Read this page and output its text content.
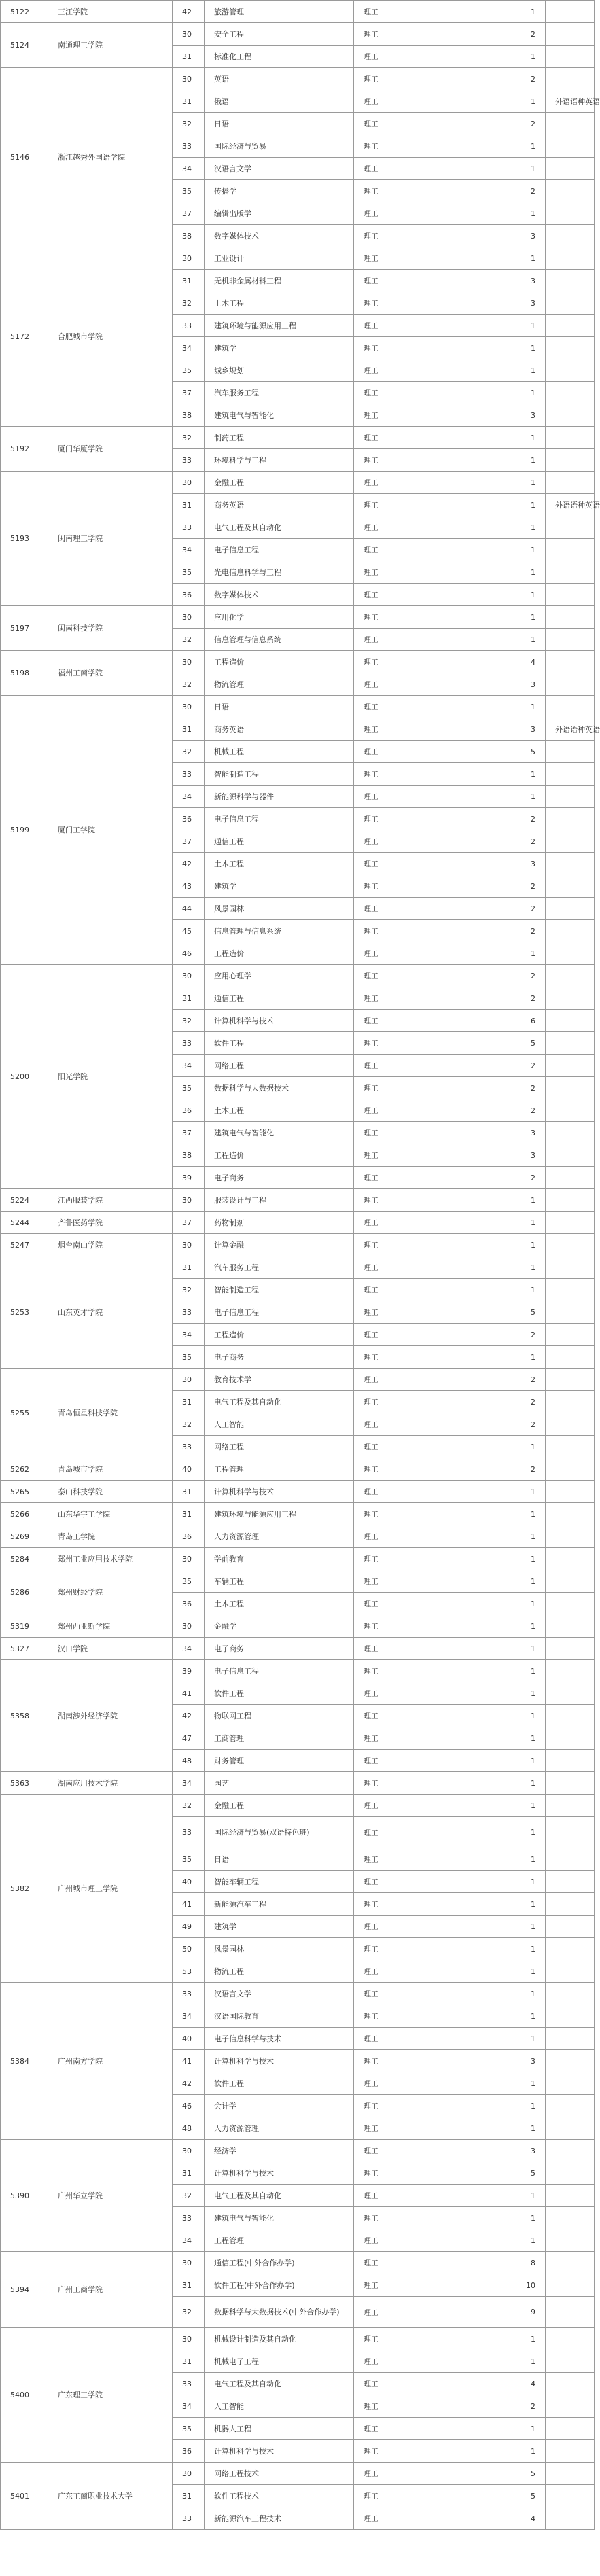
5122	三江学院	42	旅游管理	理工	1	
5124	南通理工学院	30	安全工程	理工	2	
		31	标准化工程	理工	1	
5146	浙江越秀外国语学院	30	英语	理工	2	
		31	俄语	理工	1	外语语种英语
		32	日语	理工	2	
		33	国际经济与贸易	理工	1	
		34	汉语言文学	理工	1	
		35	传播学	理工	2	
		37	编辑出版学	理工	1	
		38	数字媒体技术	理工	3	
5172	合肥城市学院	30	工业设计	理工	1	
		31	无机非金属材料工程	理工	3	
		32	土木工程	理工	3	
		33	建筑环境与能源应用工程	理工	1	
		34	建筑学	理工	1	
		35	城乡规划	理工	1	
		37	汽车服务工程	理工	1	
		38	建筑电气与智能化	理工	3	
5192	厦门华厦学院	32	制药工程	理工	1	
		33	环境科学与工程	理工	1	
5193	闽南理工学院	30	金融工程	理工	1	
		31	商务英语	理工	1	外语语种英语
		33	电气工程及其自动化	理工	1	
		34	电子信息工程	理工	1	
		35	光电信息科学与工程	理工	1	
		36	数字媒体技术	理工	1	
5197	闽南科技学院	30	应用化学	理工	1	
		32	信息管理与信息系统	理工	1	
5198	福州工商学院	30	工程造价	理工	4	
		32	物流管理	理工	3	
5199	厦门工学院	30	日语	理工	1	
		31	商务英语	理工	3	外语语种英语
		32	机械工程	理工	5	
		33	智能制造工程	理工	1	
		34	新能源科学与器件	理工	1	
		36	电子信息工程	理工	2	
		37	通信工程	理工	2	
		42	土木工程	理工	3	
		43	建筑学	理工	2	
		44	风景园林	理工	2	
		45	信息管理与信息系统	理工	2	
		46	工程造价	理工	1	
5200	阳光学院	30	应用心理学	理工	2	
		31	通信工程	理工	2	
		32	计算机科学与技术	理工	6	
		33	软件工程	理工	5	
		34	网络工程	理工	2	
		35	数据科学与大数据技术	理工	2	
		36	土木工程	理工	2	
		37	建筑电气与智能化	理工	3	
		38	工程造价	理工	3	
		39	电子商务	理工	2	
5224	江西服装学院	30	服装设计与工程	理工	1	
5244	齐鲁医药学院	37	药物制剂	理工	1	
5247	烟台南山学院	30	计算金融	理工	1	
5253	山东英才学院	31	汽车服务工程	理工	1	
		32	智能制造工程	理工	1	
		33	电子信息工程	理工	5	
		34	工程造价	理工	2	
		35	电子商务	理工	1	
5255	青岛恒星科技学院	30	教育技术学	理工	2	
		31	电气工程及其自动化	理工	2	
		32	人工智能	理工	2	
		33	网络工程	理工	1	
5262	青岛城市学院	40	工程管理	理工	2	
5265	泰山科技学院	31	计算机科学与技术	理工	1	
5266	山东华宇工学院	31	建筑环境与能源应用工程	理工	1	
5269	青岛工学院	36	人力资源管理	理工	1	
5284	郑州工业应用技术学院	30	学前教育	理工	1	
5286	郑州财经学院	35	车辆工程	理工	1	
		36	土木工程	理工	1	
5319	郑州西亚斯学院	30	金融学	理工	1	
5327	汉口学院	34	电子商务	理工	1	
5358	湖南涉外经济学院	39	电子信息工程	理工	1	
		41	软件工程	理工	1	
		42	物联网工程	理工	1	
		47	工商管理	理工	1	
		48	财务管理	理工	1	
5363	湖南应用技术学院	34	园艺	理工	1	
5382	广州城市理工学院	32	金融工程	理工	1	
		33	国际经济与贸易(双语特色班)	理工	1	
		35	日语	理工	1	
		40	智能车辆工程	理工	1	
		41	新能源汽车工程	理工	1	
		49	建筑学	理工	1	
		50	风景园林	理工	1	
		53	物流工程	理工	1	
5384	广州南方学院	33	汉语言文学	理工	1	
		34	汉语国际教育	理工	1	
		40	电子信息科学与技术	理工	1	
		41	计算机科学与技术	理工	3	
		42	软件工程	理工	1	
		46	会计学	理工	1	
		48	人力资源管理	理工	1	
5390	广州华立学院	30	经济学	理工	3	
		31	计算机科学与技术	理工	5	
		32	电气工程及其自动化	理工	1	
		33	建筑电气与智能化	理工	1	
		34	工程管理	理工	1	
5394	广州工商学院	30	通信工程(中外合作办学)	理工	8	
		31	软件工程(中外合作办学)	理工	10	
		32	数据科学与大数据技术(中外合作办学)	理工	9	
5400	广东理工学院	30	机械设计制造及其自动化	理工	1	
		31	机械电子工程	理工	1	
		33	电气工程及其自动化	理工	4	
		34	人工智能	理工	2	
		35	机器人工程	理工	1	
		36	计算机科学与技术	理工	1	
5401	广东工商职业技术大学	30	网络工程技术	理工	5	
		31	软件工程技术	理工	5	
		33	新能源汽车工程技术	理工	4	
